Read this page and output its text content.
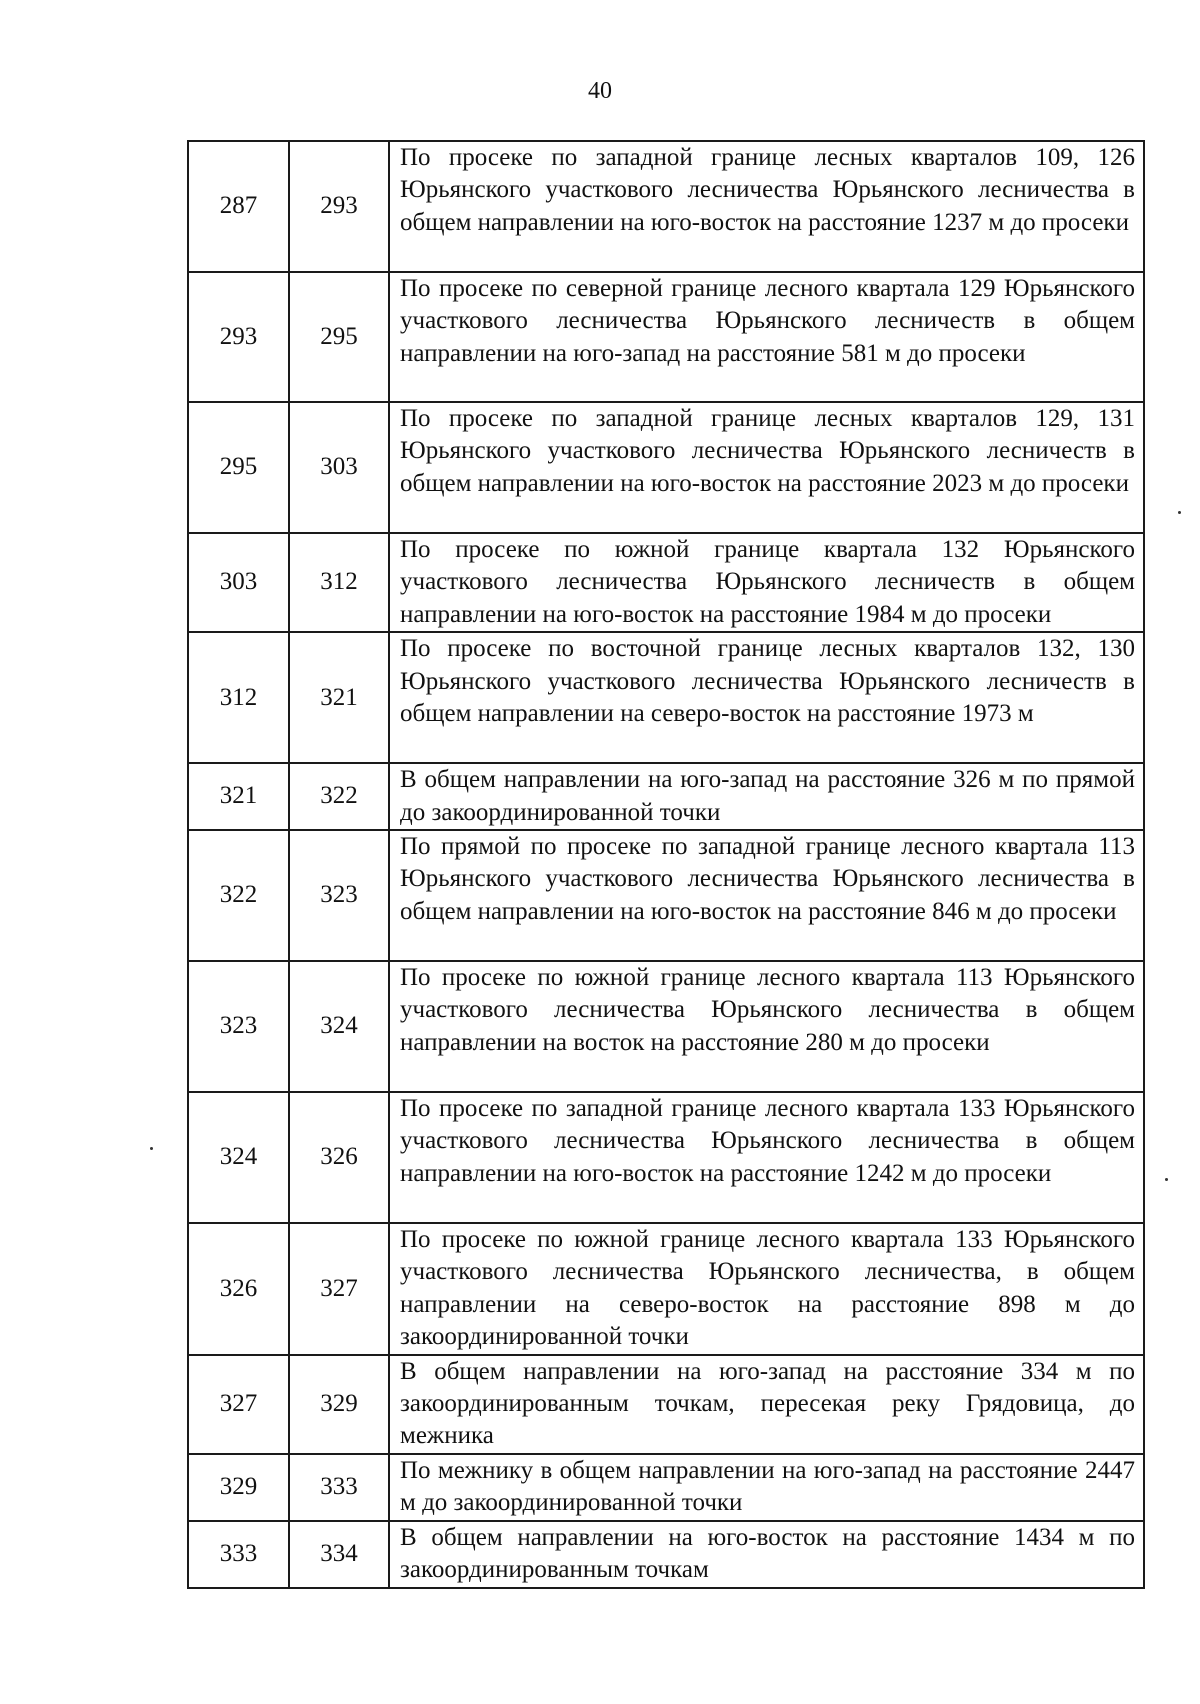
40
287	293	По просеке по западной границе лесных кварталов 109, 126 Юрьянского участкового лесничества Юрьянского лесничества в общем направлении на юго-восток на расстояние 1237 м до просеки

293	295	По просеке по северной границе лесного квартала 129 Юрьянского участкового лесничества Юрьянского лесничеств в общем направлении на юго-запад на расстояние 581 м до просеки

295	303	По просеке по западной границе лесных кварталов 129, 131 Юрьянского участкового лесничества Юрьянского лесничеств в общем направлении на юго-восток на расстояние 2023 м до просеки

303	312	По просеке по южной границе квартала 132 Юрьянского участкового лесничества Юрьянского лесничеств в общем направлении на юго-восток на расстояние 1984 м до просеки

312	321	По просеке по восточной границе лесных кварталов 132, 130 Юрьянского участкового лесничества Юрьянского лесничеств в общем направлении на северо-восток на расстояние 1973 м

321	322	В общем направлении на юго-запад на расстояние 326 м по прямой до закоординированной точки

322	323	По прямой по просеке по западной границе лесного квартала 113 Юрьянского участкового лесничества Юрьянского лесничества в общем направлении на юго-восток на расстояние 846 м до просеки

323	324	По просеке по южной границе лесного квартала 113 Юрьянского участкового лесничества Юрьянского лесничества в общем направлении на восток на расстояние 280 м до просеки

324	326	По просеке по западной границе лесного квартала 133 Юрьянского участкового лесничества Юрьянского лесничества в общем направлении на юго-восток на расстояние 1242 м до просеки

326	327	По просеке по южной границе лесного квартала 133 Юрьянского участкового лесничества Юрьянского лесничества, в общем направлении на северо-восток на расстояние 898 м до закоординированной точки

327	329	В общем направлении на юго-запад на расстояние 334 м по закоординированным точкам, пересекая реку Грядовица, до межника

329	333	По межнику в общем направлении на юго-запад на расстояние 2447 м до закоординированной точки

333	334	В общем направлении на юго-восток на расстояние 1434 м по закоординированным точкам
